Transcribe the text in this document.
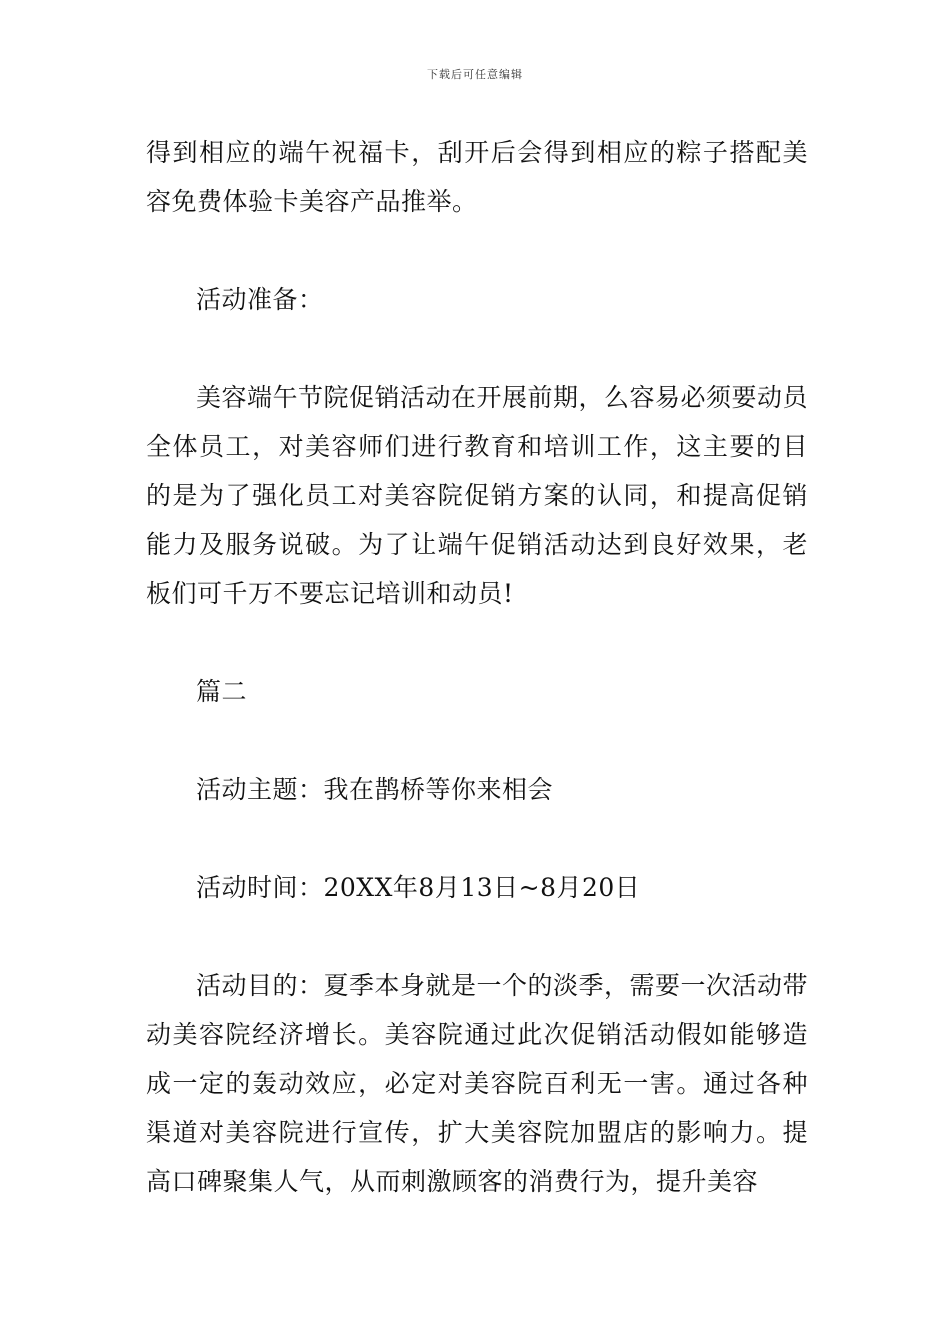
下载后可任意编辑

得到相应的端午祝福卡，刮开后会得到相应的粽子搭配美容免费体验卡美容产品推举。

活动准备：

美容端午节院促销活动在开展前期，么容易必须要动员全体员工，对美容师们进行教育和培训工作，这主要的目的是为了强化员工对美容院促销方案的认同，和提高促销能力及服务说破。为了让端午促销活动达到良好效果，老板们可千万不要忘记培训和动员!

篇二

活动主题：我在鹊桥等你来相会

活动时间：20XX年8月13日~8月20日

活动目的：夏季本身就是一个的淡季，需要一次活动带动美容院经济增长。美容院通过此次促销活动假如能够造成一定的轰动效应，必定对美容院百利无一害。通过各种渠道对美容院进行宣传，扩大美容院加盟店的影响力。提高口碑聚集人气，从而刺激顾客的消费行为，提升美容
